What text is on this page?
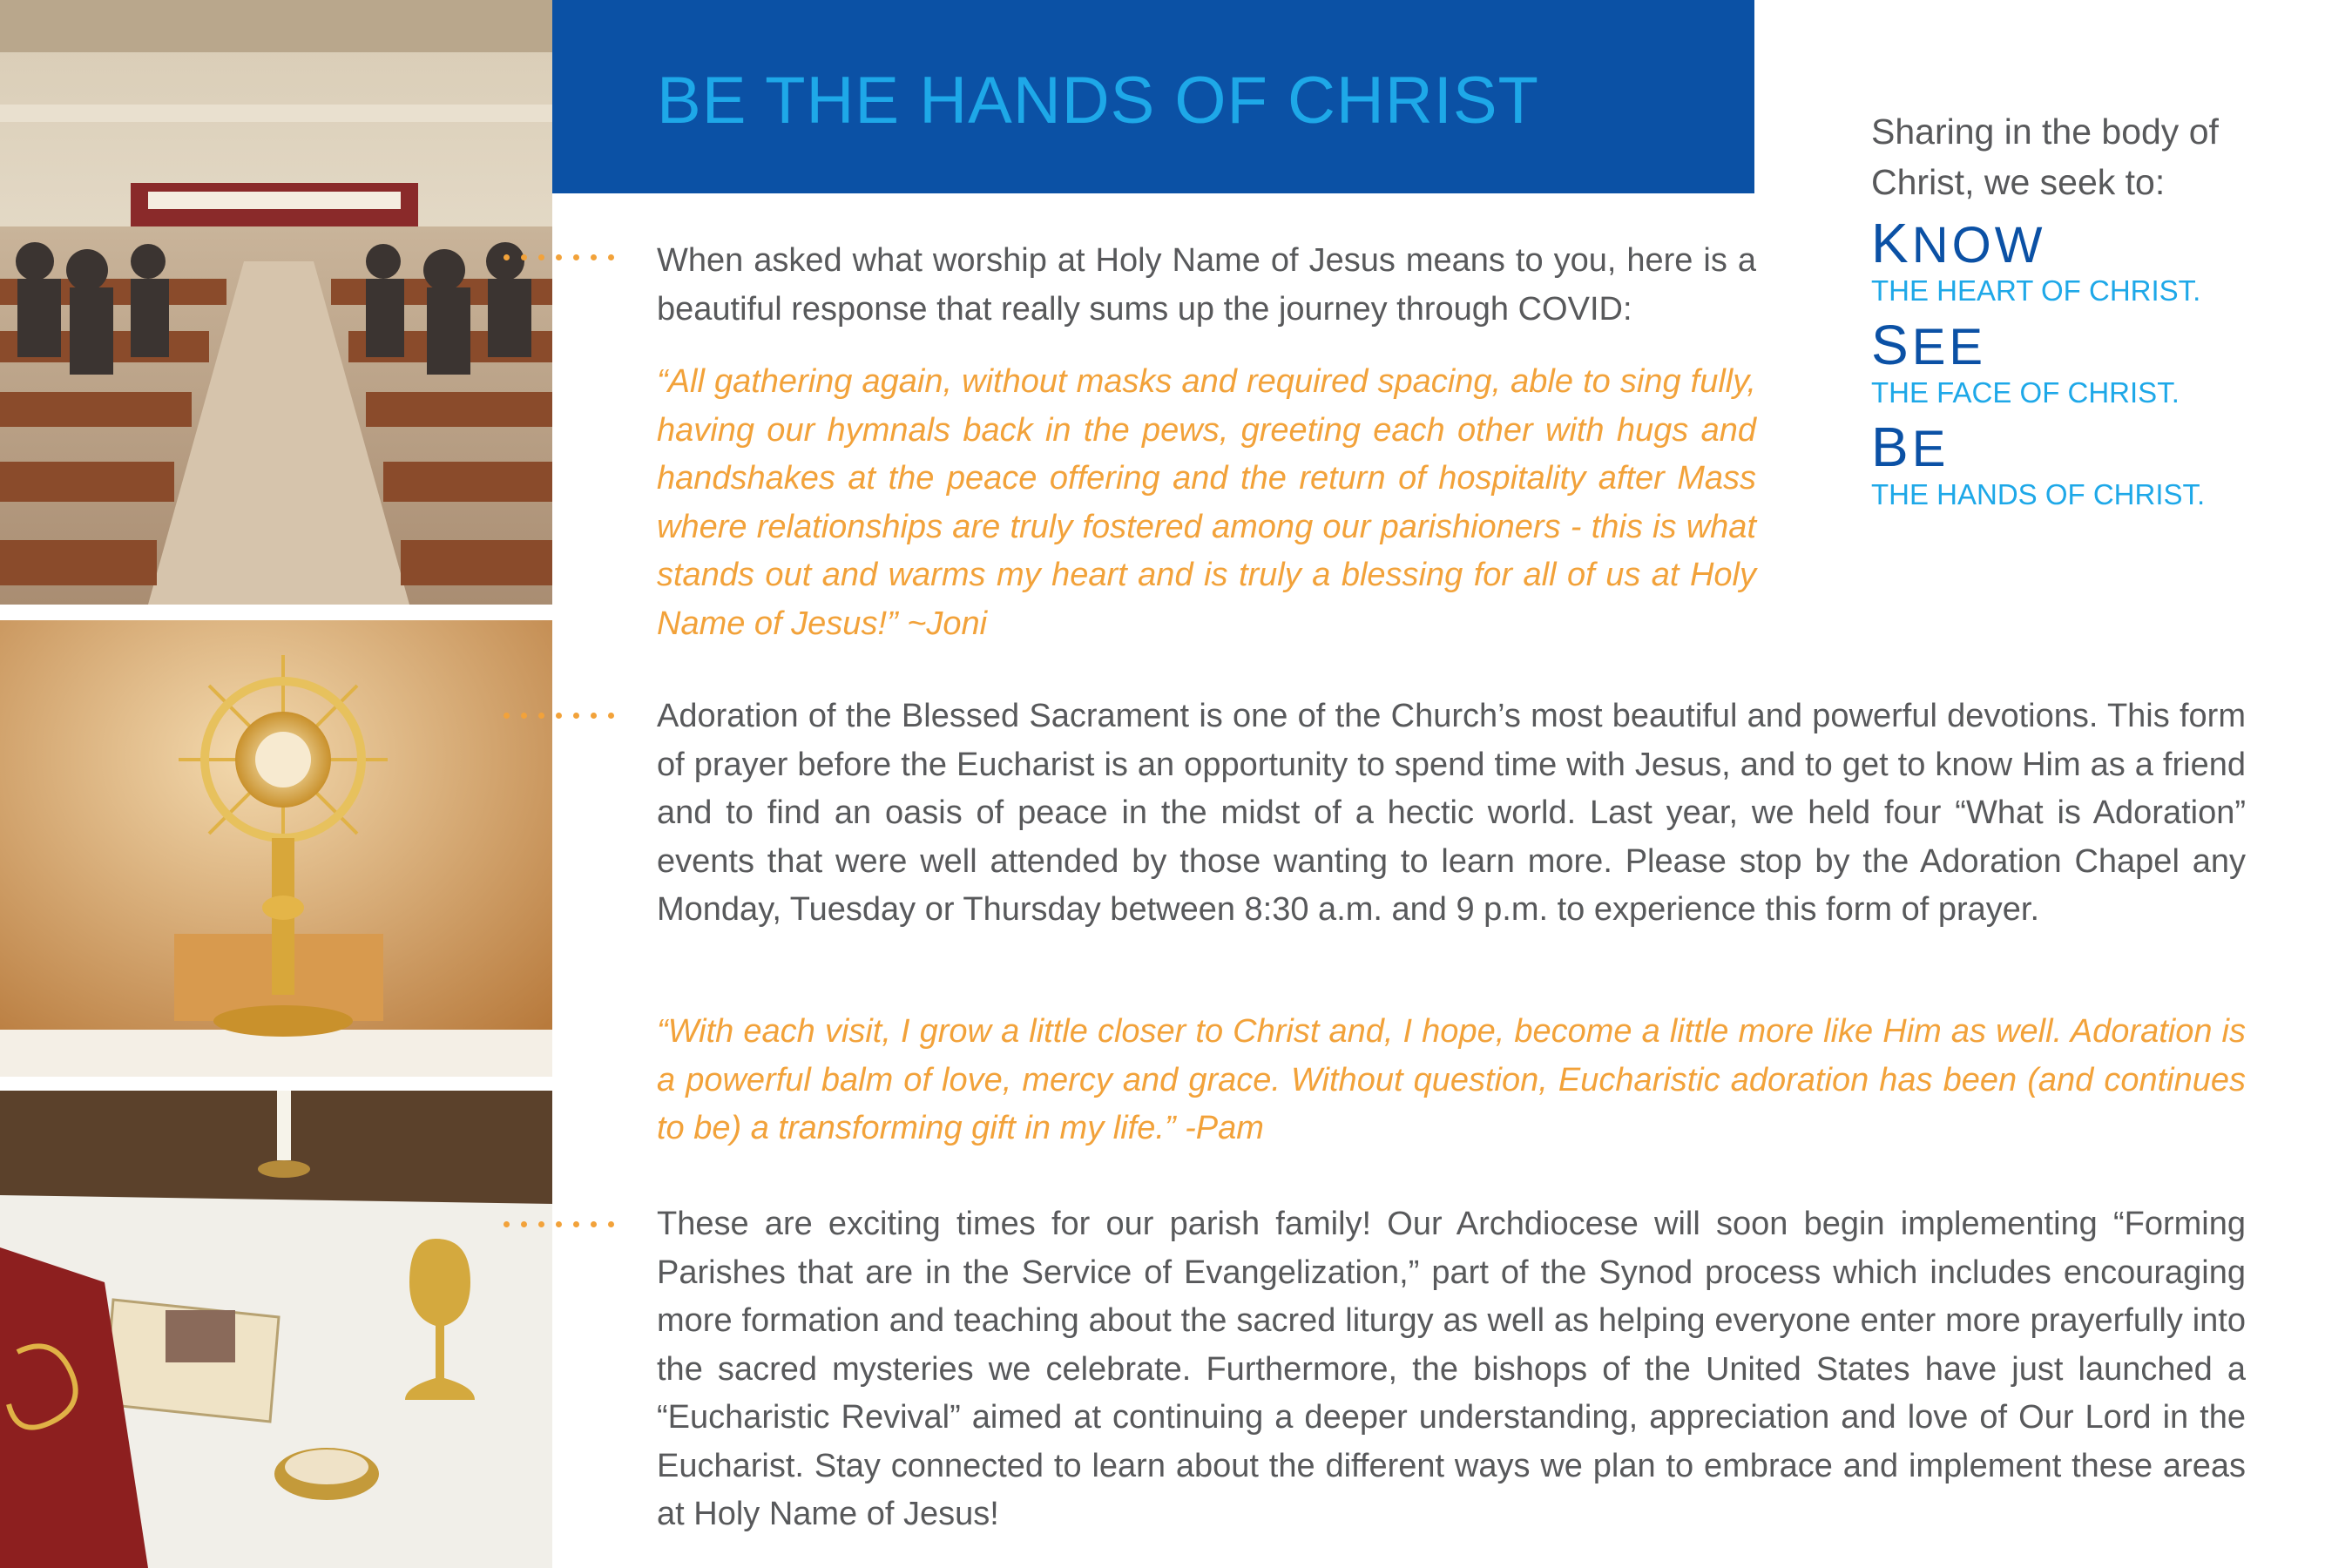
BE THE HANDS OF CHRIST	Sharing in the body of Christ, we seek to:
KNOW
THE HEART OF CHRIST.
SEE
THE FACE OF CHRIST.
BE
THE HANDS OF CHRIST.

When asked what worship at Holy Name of Jesus means to you, here is a beautiful response that really sums up the journey through COVID:

“All gathering again, without masks and required spacing, able to sing fully, having our hymnals back in the pews, greeting each other with hugs and handshakes at the peace offering and the return of hospitality after Mass where relationships are truly fostered among our parishioners - this is what stands out and warms my heart and is truly a blessing for all of us at Holy Name of Jesus!” ~Joni

Adoration of the Blessed Sacrament is one of the Church’s most beautiful and powerful devotions. This form of prayer before the Eucharist is an opportunity to spend time with Jesus, and to get to know Him as a friend and to find an oasis of peace in the midst of a hectic world. Last year, we held four “What is Adoration” events that were well attended by those wanting to learn more. Please stop by the Adoration Chapel any Monday, Tuesday or Thursday between 8:30 a.m. and 9 p.m. to experience this form of prayer.

“With each visit, I grow a little closer to Christ and, I hope, become a little more like Him as well. Adoration is a powerful balm of love, mercy and grace. Without question, Eucharistic adoration has been (and continues to be) a transforming gift in my life.” -Pam

These are exciting times for our parish family! Our Archdiocese will soon begin implementing “Forming Parishes that are in the Service of Evangelization,” part of the Synod process which includes encouraging more formation and teaching about the sacred liturgy as well as helping everyone enter more prayerfully into the sacred mysteries we celebrate. Furthermore, the bishops of the United States have just launched a “Eucharistic Revival” aimed at continuing a deeper understanding, appreciation and love of Our Lord in the Eucharist. Stay connected to learn about the different ways we plan to embrace and implement these areas at Holy Name of Jesus!
